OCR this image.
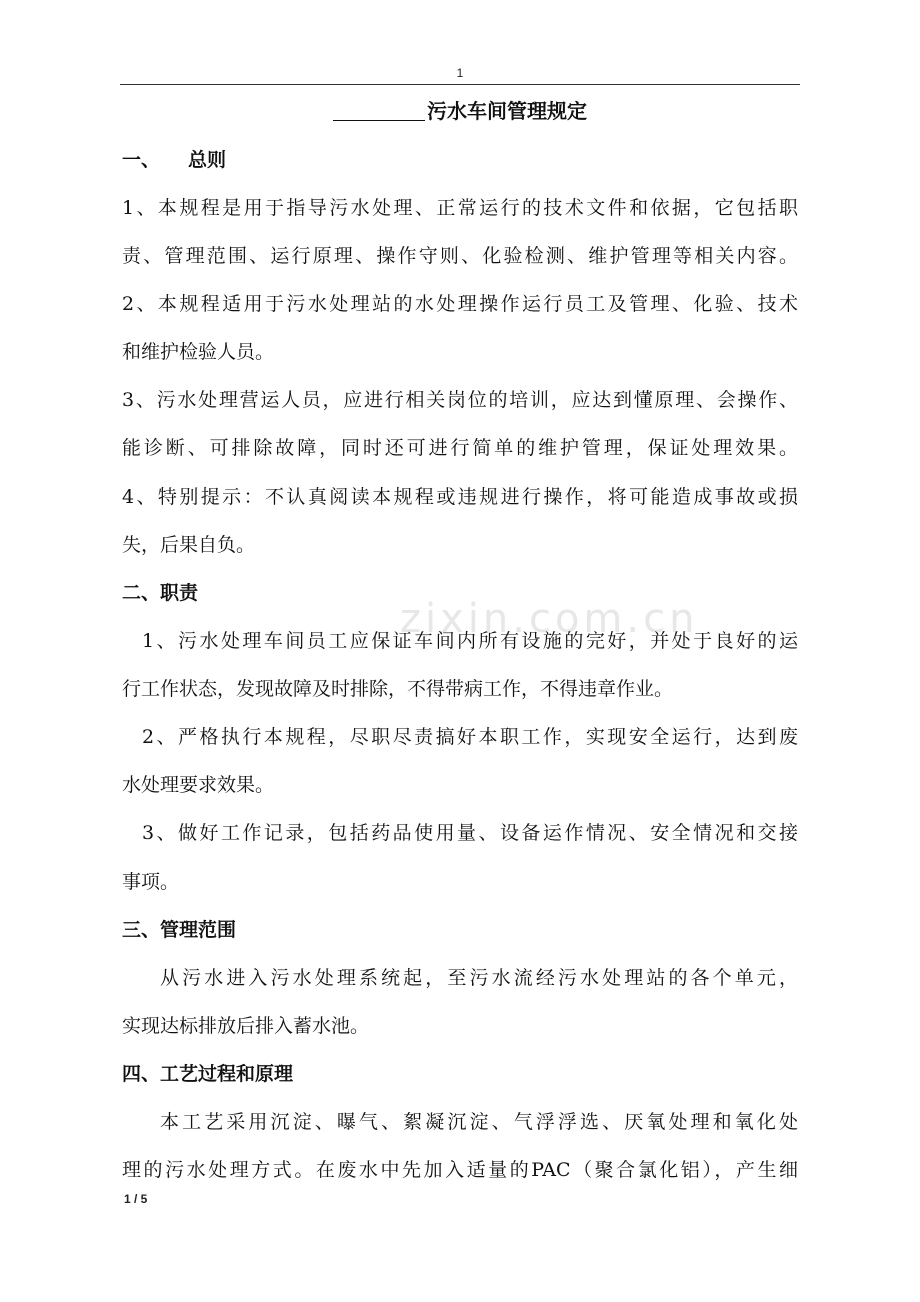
1
污水车间管理规定
zixin.com.cn
一、 总则
1、本规程是用于指导污水处理、正常运行的技术文件和依据，它包括职
责、管理范围、运行原理、操作守则、化验检测、维护管理等相关内容。
2、本规程适用于污水处理站的水处理操作运行员工及管理、化验、技术
和维护检验人员。
3、污水处理营运人员，应进行相关岗位的培训，应达到懂原理、会操作、
能诊断、可排除故障，同时还可进行简单的维护管理，保证处理效果。
4、特别提示：不认真阅读本规程或违规进行操作，将可能造成事故或损
失，后果自负。
二、职责
1、污水处理车间员工应保证车间内所有设施的完好，并处于良好的运
行工作状态，发现故障及时排除，不得带病工作，不得违章作业。
2、严格执行本规程，尽职尽责搞好本职工作，实现安全运行，达到废
水处理要求效果。
3、做好工作记录，包括药品使用量、设备运作情况、安全情况和交接
事项。
三、管理范围
从污水进入污水处理系统起，至污水流经污水处理站的各个单元，
实现达标排放后排入蓄水池。
四、工艺过程和原理
本工艺采用沉淀、曝气、絮凝沉淀、气浮浮选、厌氧处理和氧化处
理的污水处理方式。在废水中先加入适量的PAC（聚合氯化铝），产生细
1 / 5
